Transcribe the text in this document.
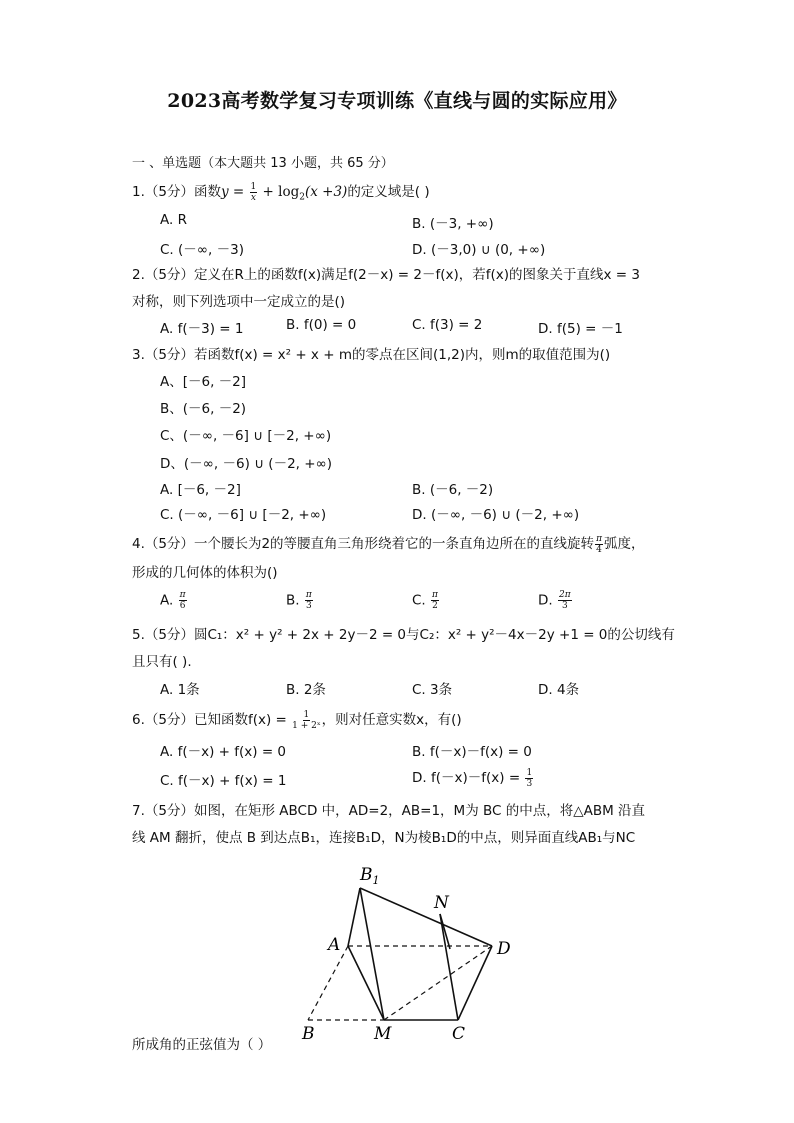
2023高考数学复习专项训练《直线与圆的实际应用》
一 、单选题（本大题共 13 小题，共 65 分）
1.（5分）函数$y = \frac{1}{x} + \log_2(x +3)$的定义域是( )
A. R	B. (－3, +∞)
C. (－∞, －3)	D. (－3,0) ∪ (0, +∞)
2.（5分）定义在R上的函数f(x)满足f(2－x) = 2－f(x)，若f(x)的图象关于直线x = 3
对称，则下列选项中一定成立的是()
A. f(－3) = 1	B. f(0) = 0	C. f(3) = 2	D. f(5) = －1
3.（5分）若函数f(x) = x² + x + m的零点在区间(1,2)内，则m的取值范围为()
A、[－6, －2]
B、(－6, －2)
C、(－∞, －6] ∪ [－2, +∞)
D、(－∞, －6) ∪ (－2, +∞)
A. [－6, －2]	B. (－6, －2)
C. (－∞, －6] ∪ [－2, +∞)	D. (－∞, －6) ∪ (－2, +∞)
4.（5分）一个腰长为2的等腰直角三角形绕着它的一条直角边所在的直线旋转 $\frac{\pi}{4}$ 弧度，
形成的几何体的体积为()
A. $\frac{\pi}{6}$	B. $\frac{\pi}{3}$	C. $\frac{\pi}{2}$	D. $\frac{2\pi}{3}$
5.（5分）圆C₁：x² + y² + 2x + 2y－2 = 0与C₂：x² + y²－4x－2y +1 = 0的公切线有
且只有( ).
A. 1条	B. 2条	C. 3条	D. 4条
6.（5分）已知函数$f(x) = \frac{1}{\text{1 + 2ˣ}}$ ，则对任意实数x，有()
A. f(－x) + f(x) = 0	B. f(－x)－f(x) = 0
C. f(－x) + f(x) = 1	D. $f(-x)-f(x) = \frac{1}{3}$
7.（5分）如图，在矩形 ABCD 中，AD=2，AB=1，M为 BC 的中点，将△ABM 沿直
线 AM 翻折，使点 B 到达点B₁，连接B₁D，N为棱B₁D的中点，则异面直线AB₁与NC
$B_1$
N
A	D
B	M	C
所成角的正弦值为（ ）
